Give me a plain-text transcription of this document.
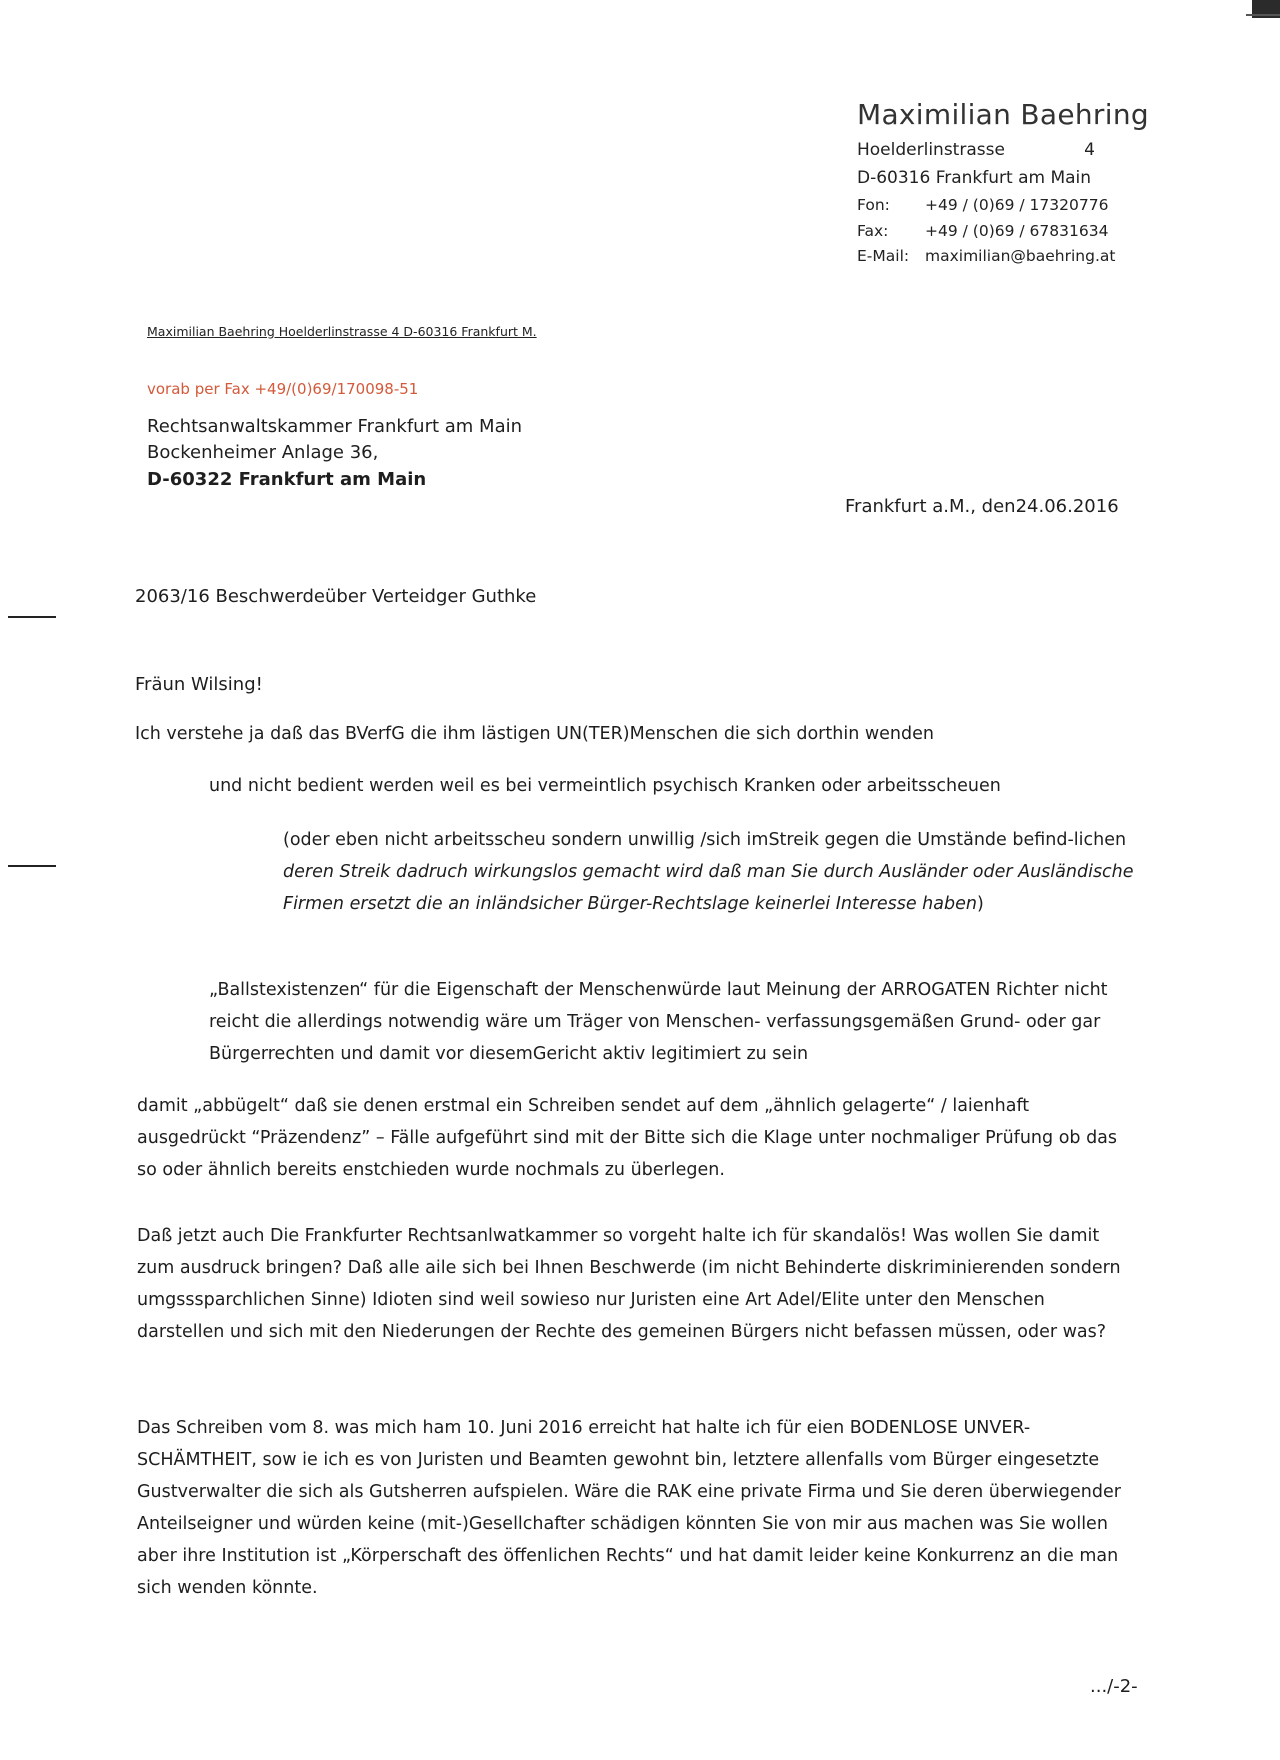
Maximilian Baehring
Hoelderlinstrasse	4
D-60316 Frankfurt am Main
Fon:	+49 / (0)69 / 17320776
Fax:	+49 / (0)69 / 67831634
E-Mail:	maximilian@baehring.at
Maximilian Baehring Hoelderlinstrasse 4 D-60316 Frankfurt M.
vorab per Fax +49/(0)69/170098-51
Rechtsanwaltskammer Frankfurt am Main
Bockenheimer Anlage 36,
D-60322 Frankfurt am Main
Frankfurt a.M., den24.06.2016
2063/16 Beschwerdeüber Verteidger Guthke
Fräun Wilsing!
Ich verstehe ja daß das BVerfG die ihm lästigen UN(TER)Menschen die sich dorthin wenden
und nicht bedient werden weil es bei vermeintlich psychisch Kranken oder arbeitsscheuen
(oder eben nicht arbeitsscheu sondern unwillig /sich imStreik gegen die Umstände befind-lichen deren Streik dadruch wirkungslos gemacht wird daß man Sie durch Ausländer oder Ausländische Firmen ersetzt die an inländsicher Bürger-Rechtslage keinerlei Interesse haben)
„Ballstexistenzen“ für die Eigenschaft der Menschenwürde laut Meinung der ARROGATEN Richter nicht reicht die allerdings notwendig wäre um Träger von Menschen- verfassungsgemäßen Grund- oder gar Bürgerrechten und damit vor diesemGericht aktiv legitimiert zu sein
damit „abbügelt“ daß sie denen erstmal ein Schreiben sendet auf dem „ähnlich gelagerte“ / laienhaft ausgedrückt “Präzendenz” – Fälle aufgeführt sind mit der Bitte sich die Klage unter nochmaliger Prüfung ob das so oder ähnlich bereits enstchieden wurde nochmals zu überlegen.
Daß jetzt auch Die Frankfurter Rechtsanlwatkammer so vorgeht halte ich für skandalös! Was wollen Sie damit zum ausdruck bringen? Daß alle aile sich bei Ihnen Beschwerde (im nicht Behinderte diskriminierenden sondern umgsssparchlichen Sinne) Idioten sind weil sowieso nur Juristen eine Art Adel/Elite unter den Menschen darstellen und sich mit den Niederungen der Rechte des gemeinen Bürgers nicht befassen müssen, oder was?
Das Schreiben vom 8. was mich ham 10. Juni 2016 erreicht hat halte ich für eien BODENLOSE UNVER-SCHÄMTHEIT, sow ie ich es von Juristen und Beamten gewohnt bin, letztere allenfalls vom Bürger eingesetzte Gustverwalter die sich als Gutsherren aufspielen. Wäre die RAK eine private Firma und Sie deren überwiegender Anteilseigner und würden keine (mit-)Gesellchafter schädigen könnten Sie von mir aus machen was Sie wollen aber ihre Institution ist „Körperschaft des öffenlichen Rechts“ und hat damit leider keine Konkurrenz an die man sich wenden könnte.
.../-2-
